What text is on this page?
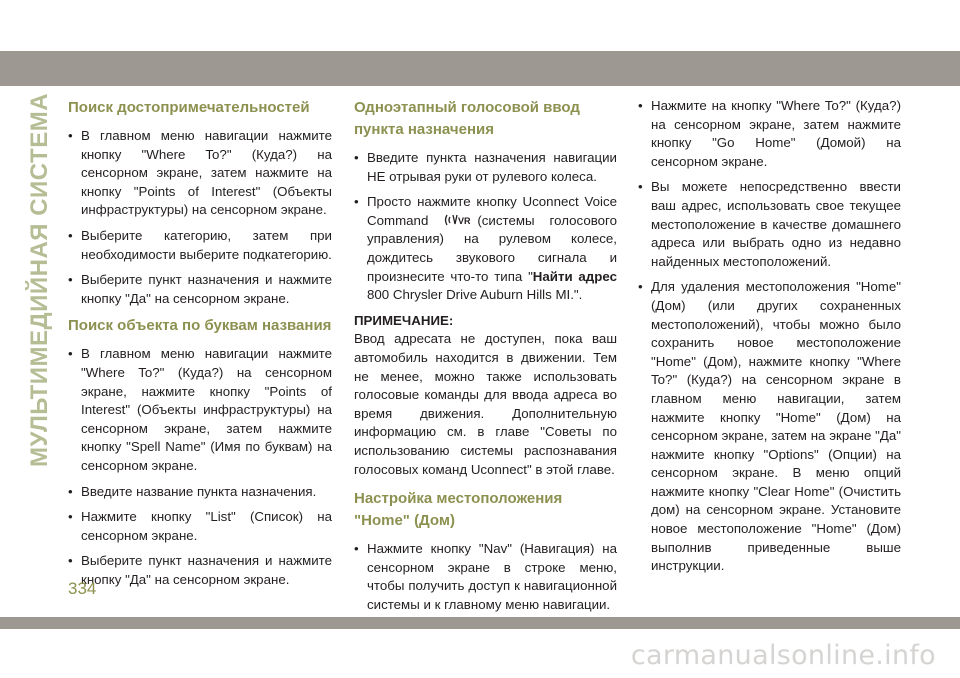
МУЛЬТИМЕДИЙНАЯ СИСТЕМА Поиск достопримечательностей

• В главном меню навигации нажмите кнопку "Where To?" (Куда?) на сенсорном экране, затем нажмите на кнопку "Points of Interest" (Объекты инфраструктуры) на сенсорном экране.

• Выберите категорию, затем при необходимости выберите подкатегорию.

• Выберите пункт назначения и нажмите кнопку "Да" на сенсорном экране.

Поиск объекта по буквам названия

• В главном меню навигации нажмите "Where To?" (Куда?) на сенсорном экране, нажмите кнопку "Points of Interest" (Объекты инфраструктуры) на сенсорном экране, затем нажмите кнопку "Spell Name" (Имя по буквам) на сенсорном экране.

• Введите название пункта назначения.

• Нажмите кнопку "List" (Список) на сенсорном экране.

• Выберите пункт назначения и нажмите кнопку "Да" на сенсорном экране.

Одноэтапный голосовой ввод пункта назначения

• Введите пункта назначения навигации НЕ отрывая руки от рулевого колеса.

• Просто нажмите кнопку Uconnect Voice Command	VR (системы голосового управления) на рулевом колесе, дождитесь звукового сигнала и произнесите что-то типа "Найти адрес 800 Chrysler Drive Auburn Hills MI.".

ПРИМЕЧАНИЕ:

Ввод адресата не доступен, пока ваш автомобиль находится в движении. Тем не менее, можно также использовать голосовые команды для ввода адреса во время движения. Дополнительную информацию см. в главе "Советы по использованию системы распознавания голосовых команд Uconnect" в этой главе.

Настройка местоположения "Home" (Дом)

• Нажмите кнопку "Nav" (Навигация) на сенсорном экране в строке меню, чтобы получить доступ к навигационной системы и к главному меню навигации.

• Нажмите на кнопку "Where To?" (Куда?) на сенсорном экране, затем нажмите кнопку "Go Home" (Домой) на сенсорном экране.

• Вы можете непосредственно ввести ваш адрес, использовать свое текущее местоположение в качестве домашнего адреса или выбрать одно из недавно найденных местоположений.

• Для удаления местоположения "Home" (Дом) (или других сохраненных местоположений), чтобы можно было сохранить новое местоположение "Home" (Дом), нажмите кнопку "Where To?" (Куда?) на сенсорном экране в главном меню навигации, затем нажмите кнопку "Home" (Дом) на сенсорном экране, затем на экране "Да" нажмите кнопку "Options" (Опции) на сенсорном экране. В меню опций нажмите кнопку "Clear Home" (Очистить дом) на сенсорном экране. Установите новое местоположение "Home" (Дом) выполнив приведенные выше инструкции.

334
carmanualsonline.info
